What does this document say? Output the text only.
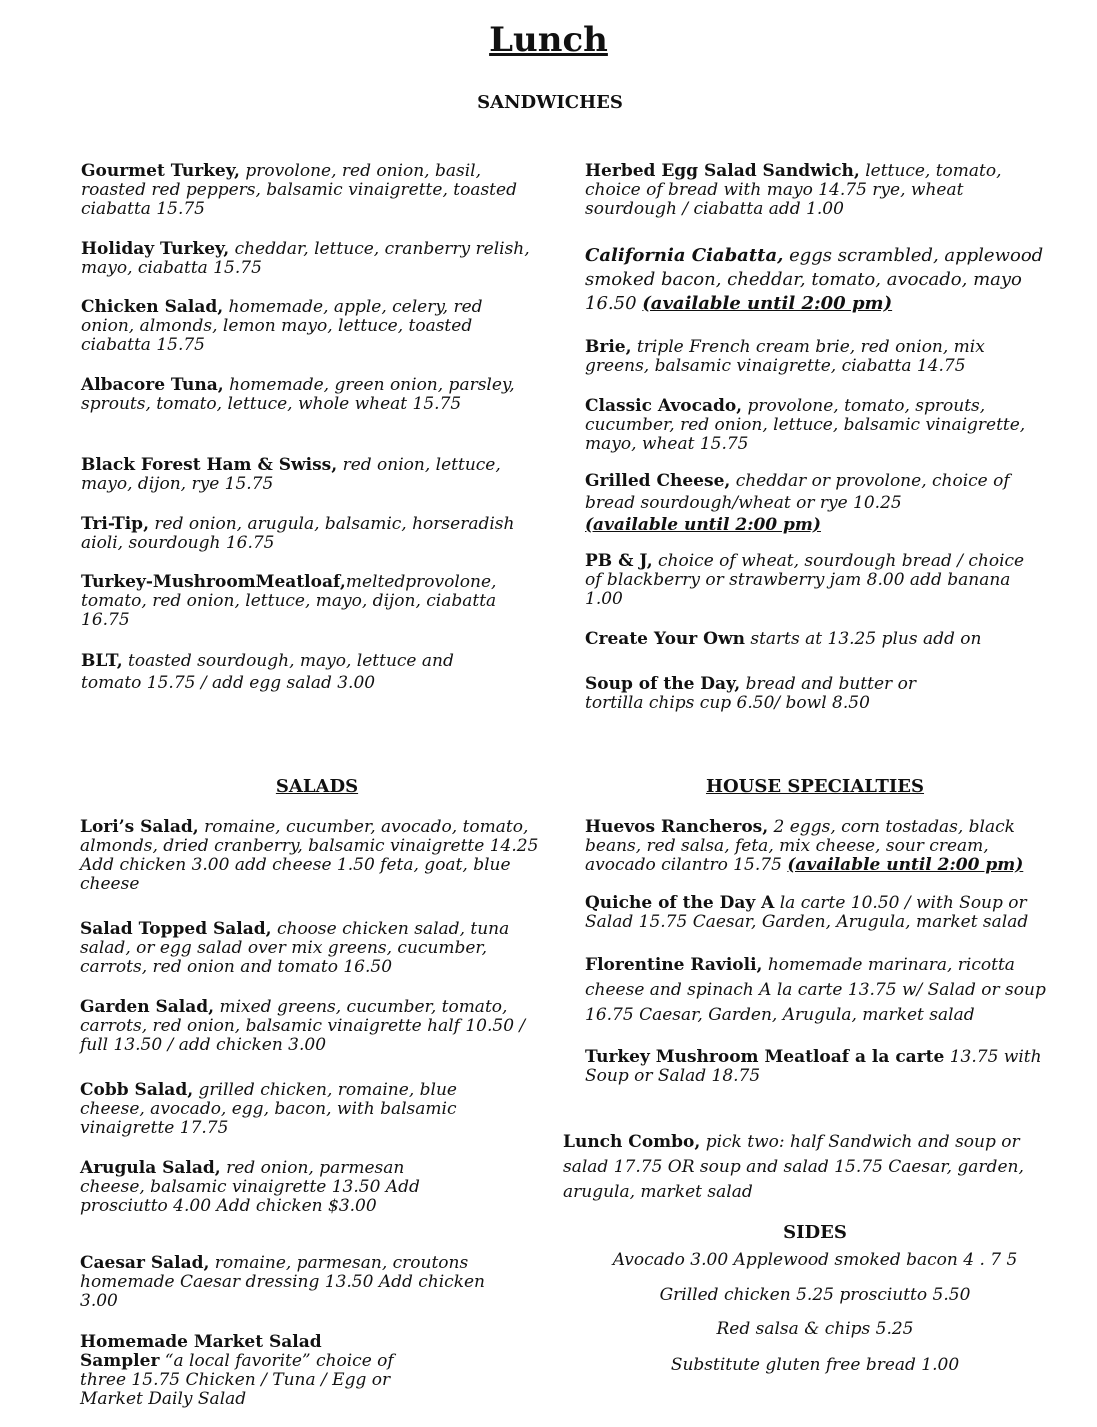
Lunch
SANDWICHES
Gourmet Turkey, provolone, red onion, basil, roasted red peppers, balsamic vinaigrette, toasted ciabatta 15.75
Holiday Turkey, cheddar, lettuce, cranberry relish, mayo, ciabatta 15.75
Chicken Salad, homemade, apple, celery, red onion, almonds, lemon mayo, lettuce, toasted ciabatta 15.75
Albacore Tuna, homemade, green onion, parsley, sprouts, tomato, lettuce, whole wheat 15.75
Black Forest Ham & Swiss, red onion, lettuce, mayo, dijon, rye 15.75
Tri-Tip, red onion, arugula, balsamic, horseradish aioli, sourdough 16.75
Turkey-MushroomMeatloaf,meltedprovolone, tomato, red onion, lettuce, mayo, dijon, ciabatta 16.75
BLT, toasted sourdough, mayo, lettuce and tomato 15.75 / add egg salad 3.00
Herbed Egg Salad Sandwich, lettuce, tomato, choice of bread with mayo 14.75 rye, wheat sourdough / ciabatta add 1.00
California Ciabatta, eggs scrambled, applewood smoked bacon, cheddar, tomato, avocado, mayo 16.50 (available until 2:00 pm)
Brie, triple French cream brie, red onion, mix greens, balsamic vinaigrette, ciabatta 14.75
Classic Avocado, provolone, tomato, sprouts, cucumber, red onion, lettuce, balsamic vinaigrette, mayo, wheat 15.75
Grilled Cheese, cheddar or provolone, choice of bread sourdough/wheat or rye 10.25
(available until 2:00 pm)
PB & J, choice of wheat, sourdough bread / choice of blackberry or strawberry jam 8.00 add banana 1.00
Create Your Own starts at 13.25 plus add on
Soup of the Day, bread and butter or tortilla chips cup 6.50/ bowl 8.50
SALADS	HOUSE SPECIALTIES
Lori’s Salad, romaine, cucumber, avocado, tomato, almonds, dried cranberry, balsamic vinaigrette 14.25 Add chicken 3.00 add cheese 1.50 feta, goat, blue cheese
Salad Topped Salad, choose chicken salad, tuna salad, or egg salad over mix greens, cucumber, carrots, red onion and tomato 16.50
Garden Salad, mixed greens, cucumber, tomato, carrots, red onion, balsamic vinaigrette half 10.50 / full 13.50 / add chicken 3.00
Cobb Salad, grilled chicken, romaine, blue cheese, avocado, egg, bacon, with balsamic vinaigrette 17.75
Arugula Salad, red onion, parmesan cheese, balsamic vinaigrette 13.50 Add prosciutto 4.00 Add chicken $3.00
Caesar Salad, romaine, parmesan, croutons homemade Caesar dressing 13.50 Add chicken 3.00
Homemade Market Salad
Sampler “a local favorite” choice of three 15.75 Chicken / Tuna / Egg or Market Daily Salad
Huevos Rancheros, 2 eggs, corn tostadas, black beans, red salsa, feta, mix cheese, sour cream, avocado cilantro 15.75 (available until 2:00 pm)
Quiche of the Day A la carte 10.50 / with Soup or Salad 15.75 Caesar, Garden, Arugula, market salad
Florentine Ravioli, homemade marinara, ricotta cheese and spinach A la carte 13.75 w/ Salad or soup 16.75 Caesar, Garden, Arugula, market salad
Turkey Mushroom Meatloaf a la carte 13.75 with Soup or Salad 18.75
Lunch Combo, pick two: half Sandwich and soup or salad 17.75 OR soup and salad 15.75 Caesar, garden, arugula, market salad
SIDES
Avocado 3.00 Applewood smoked bacon 4 . 7 5
Grilled chicken 5.25 prosciutto 5.50
Red salsa & chips 5.25
Substitute gluten free bread 1.00
